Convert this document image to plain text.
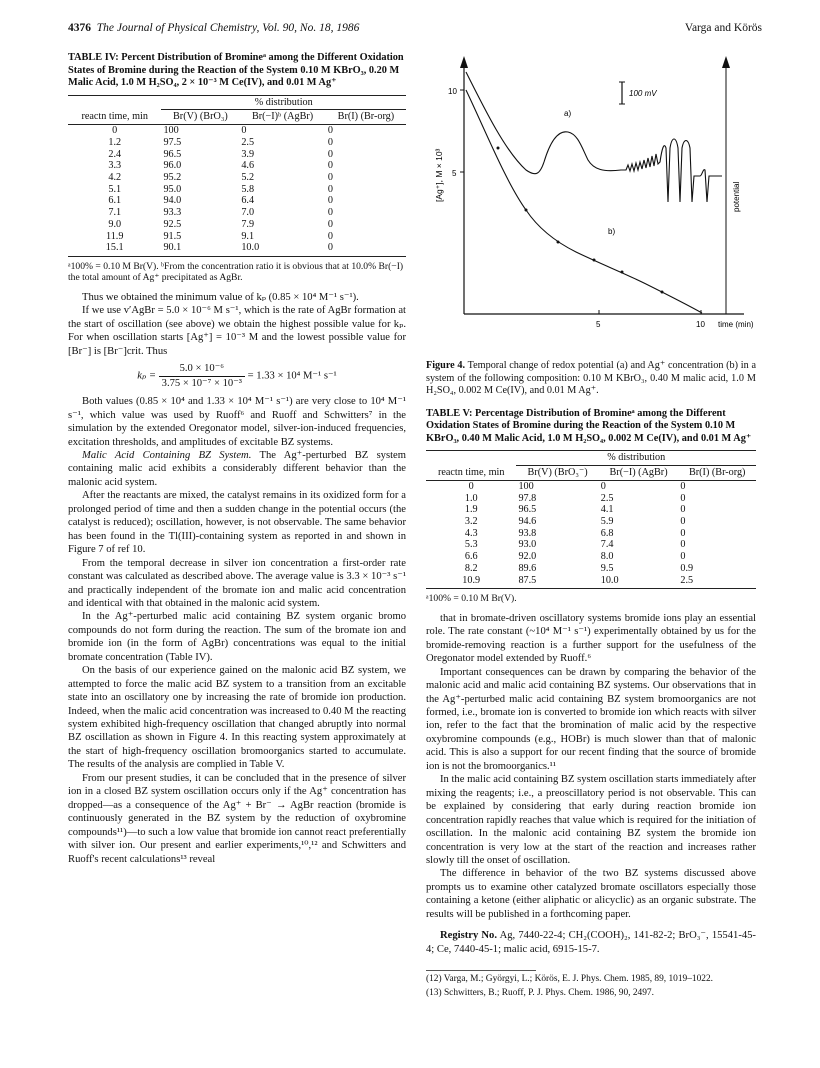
4376 The Journal of Physical Chemistry, Vol. 90, No. 18, 1986	Varga and Körös
TABLE IV: Percent Distribution of Bromineᵃ among the Different Oxidation States of Bromine during the Reaction of the System 0.10 M KBrO₃, 0.20 M Malic Acid, 1.0 M H₂SO₄, 2 × 10⁻³ M Ce(IV), and 0.01 M Ag⁺
	% distribution		
reactn time, min	Br(V) (BrO₃)	Br(−I)ᵇ (AgBr)	Br(I) (Br-org)
0	100	0	0
1.2	97.5	2.5	0
2.4	96.5	3.9	0
3.3	96.0	4.6	0
4.2	95.2	5.2	0
5.1	95.0	5.8	0
6.1	94.0	6.4	0
7.1	93.3	7.0	0
9.0	92.5	7.9	0
11.9	91.5	9.1	0
15.1	90.1	10.0	0
ᵃ100% = 0.10 M Br(V). ᵇFrom the concentration ratio it is obvious that at 10.0% Br(−I) the total amount of Ag⁺ precipitated as AgBr.

Thus we obtained the minimum value of kₚ (0.85 × 10⁴ M⁻¹ s⁻¹).

If we use v′AgBr = 5.0 × 10⁻⁶ M s⁻¹, which is the rate of AgBr formation at the start of oscillation (see above) we obtain the highest possible value for kₚ. For when oscillation starts [Ag⁺] = 10⁻³ M and the lowest possible value for [Br⁻] is [Br⁻]crit. Thus

$k_p = \frac{\text{5.0 × 10⁻⁶}}{\text{3.75 × 10⁻⁷ × 10⁻³}} = 1.33 \times 10^4$ M⁻¹ s⁻¹

Both values (0.85 × 10⁴ and 1.33 × 10⁴ M⁻¹ s⁻¹) are very close to 10⁴ M⁻¹ s⁻¹, which value was used by Ruoff⁶ and Ruoff and Schwitters⁷ in the simulation by the extended Oregonator model, silver-ion-induced frequencies, excitation thresholds, and amplitudes of excitable BZ systems.

Malic Acid Containing BZ System. The Ag⁺-perturbed BZ system containing malic acid exhibits a considerably different behavior than the malonic acid system.

After the reactants are mixed, the catalyst remains in its oxidized form for a prolonged period of time and then a sudden change in the potential occurs (the catalyst is reduced); oscillation, however, is not observable. The same behavior has been found in the Tl(III)-containing system as reported in and shown in Figure 7 of ref 10.

From the temporal decrease in silver ion concentration a first-order rate constant was calculated as described above. The average value is 3.3 × 10⁻³ s⁻¹ and practically independent of the bromate ion and malic acid concentration and identical with that obtained in the malonic acid system.

In the Ag⁺-perturbed malic acid containing BZ system organic bromo compounds do not form during the reaction. The sum of the bromate ion and bromide ion (in the form of AgBr) concentrations was equal to the initial bromate concentration (Table IV).

On the basis of our experience gained on the malonic acid BZ system, we attempted to force the malic acid BZ system to a transition from an excitable state into an oscillatory one by increasing the rate of bromide ion production. Indeed, when the malic acid concentration was increased to 0.40 M the reacting system exhibited high-frequency oscillation that changed abruptly into normal BZ oscillation as shown in Figure 4. In this reacting system approximately at the start of high-frequency oscillation bromoorganics started to accumulate. The results of the analysis are complied in Table V.

From our present studies, it can be concluded that in the presence of silver ion in a closed BZ system oscillation occurs only if the Ag⁺ concentration has dropped—as a consequence of the Ag⁺ + Br⁻ → AgBr reaction (bromide is continuously generated in the BZ system by the reduction of oxybromine compounds¹¹)—to such a low value that bromide ion cannot react preferentially with silver ion. Our present and earlier experiments,¹⁰,¹² and Schwitters and Ruoff's recent calculations¹³ reveal

10
5
5	10 time (min)
[Ag⁺], M × 10³	potential
100 mV
a)
b)
Figure 4. Temporal change of redox potential (a) and Ag⁺ concentration (b) in a system of the following composition: 0.10 M KBrO₃, 0.40 M malic acid, 1.0 M H₂SO₄, 0.002 M Ce(IV), and 0.01 M Ag⁺.
TABLE V: Percentage Distribution of Bromineᵃ among the Different Oxidation States of Bromine during the Reaction of the System 0.10 M KBrO₃, 0.40 M Malic Acid, 1.0 M H₂SO₄, 0.002 M Ce(IV), and 0.01 M Ag⁺
	% distribution		
reactn time, min	Br(V) (BrO₃⁻)	Br(−I) (AgBr)	Br(I) (Br-org)
0	100	0	0
1.0	97.8	2.5	0
1.9	96.5	4.1	0
3.2	94.6	5.9	0
4.3	93.8	6.8	0
5.3	93.0	7.4	0
6.6	92.0	8.0	0
8.2	89.6	9.5	0.9
10.9	87.5	10.0	2.5
ᵃ100% = 0.10 M Br(V).

that in bromate-driven oscillatory systems bromide ions play an essential role. The rate constant (~10⁴ M⁻¹ s⁻¹) experimentally obtained by us for the bromide-removing reaction is a further support for the usefulness of the Oregonator model extended by Ruoff.⁶

Important consequences can be drawn by comparing the behavior of the malonic acid and malic acid containing BZ systems. Our observations that in the Ag⁺-perturbed malic acid containing BZ system bromoorganics are not formed, i.e., bromate ion is converted to bromide ion which reacts with silver ion, refer to the fact that the bromination of malic acid by the respective oxybromine compounds (e.g., HOBr) is much slower than that of malonic acid. This is also a support for our recent finding that the source of bromide ion is not the bromoorganics.¹¹

In the malic acid containing BZ system oscillation starts immediately after mixing the reagents; i.e., a preoscillatory period is not observable. This can be explained by considering that early during reaction bromide ion concentration rapidly reaches that value which is required for the initiation of oscillation. In the malonic acid containing BZ system the bromide ion concentration is very low at the start of the reaction and increases rather slowly till the onset of oscillation.

The difference in behavior of the two BZ systems discussed above prompts us to examine other catalyzed bromate oscillators especially those containing a ketone (either aliphatic or alicyclic) as an organic substrate. The results will be published in a forthcoming paper.

Registry No. Ag, 7440-22-4; CH₂(COOH)₂, 141-82-2; BrO₃⁻, 15541-45-4; Ce, 7440-45-1; malic acid, 6915-15-7.

(12) Varga, M.; Györgyi, L.; Körös, E. J. Phys. Chem. 1985, 89, 1019–1022.
(13) Schwitters, B.; Ruoff, P. J. Phys. Chem. 1986, 90, 2497.
